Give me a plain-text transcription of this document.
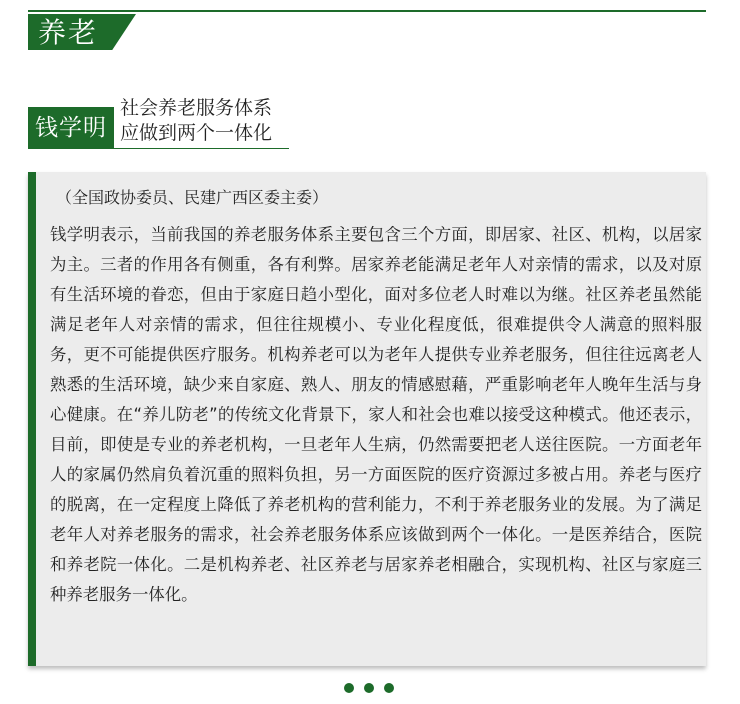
养老
钱学明
社会养老服务体系
应做到两个一体化
（全国政协委员、民建广西区委主委）

钱学明表示，当前我国的养老服务体系主要包含三个方面，即居家、社区、机构，以居家为主。三者的作用各有侧重，各有利弊。居家养老能满足老年人对亲情的需求，以及对原有生活环境的眷恋，但由于家庭日趋小型化，面对多位老人时难以为继。社区养老虽然能满足老年人对亲情的需求，但往往规模小、专业化程度低，很难提供令人满意的照料服务，更不可能提供医疗服务。机构养老可以为老年人提供专业养老服务，但往往远离老人熟悉的生活环境，缺少来自家庭、熟人、朋友的情感慰藉，严重影响老年人晚年生活与身心健康。在“养儿防老”的传统文化背景下，家人和社会也难以接受这种模式。他还表示，目前，即使是专业的养老机构，一旦老年人生病，仍然需要把老人送往医院。一方面老年人的家属仍然肩负着沉重的照料负担，另一方面医院的医疗资源过多被占用。养老与医疗的脱离，在一定程度上降低了养老机构的营利能力，不利于养老服务业的发展。为了满足老年人对养老服务的需求，社会养老服务体系应该做到两个一体化。一是医养结合，医院和养老院一体化。二是机构养老、社区养老与居家养老相融合，实现机构、社区与家庭三种养老服务一体化。
